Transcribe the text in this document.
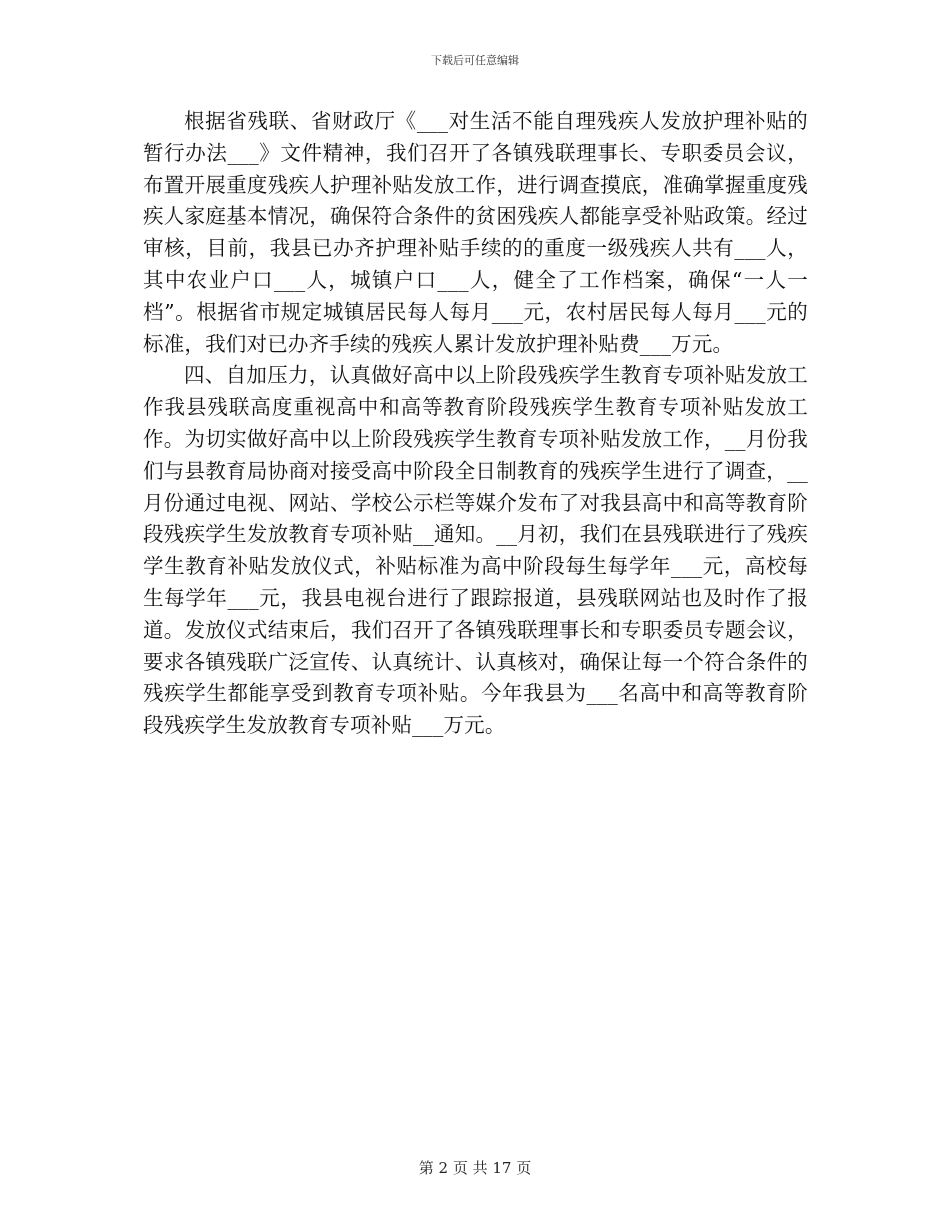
下载后可任意编辑

根据省残联、省财政厅《___对生活不能自理残疾人发放护理补贴的暂行办法___》文件精神，我们召开了各镇残联理事长、专职委员会议，布置开展重度残疾人护理补贴发放工作，进行调查摸底，准确掌握重度残疾人家庭基本情况，确保符合条件的贫困残疾人都能享受补贴政策。经过审核，目前，我县已办齐护理补贴手续的的重度一级残疾人共有___人，其中农业户口___人，城镇户口___人，健全了工作档案，确保“一人一档”。根据省市规定城镇居民每人每月___元，农村居民每人每月___元的标准，我们对已办齐手续的残疾人累计发放护理补贴费___万元。

四、自加压力，认真做好高中以上阶段残疾学生教育专项补贴发放工作我县残联高度重视高中和高等教育阶段残疾学生教育专项补贴发放工作。为切实做好高中以上阶段残疾学生教育专项补贴发放工作，__月份我们与县教育局协商对接受高中阶段全日制教育的残疾学生进行了调查，__月份通过电视、网站、学校公示栏等媒介发布了对我县高中和高等教育阶段残疾学生发放教育专项补贴__通知。__月初，我们在县残联进行了残疾学生教育补贴发放仪式，补贴标准为高中阶段每生每学年___元，高校每生每学年___元，我县电视台进行了跟踪报道，县残联网站也及时作了报道。发放仪式结束后，我们召开了各镇残联理事长和专职委员专题会议，要求各镇残联广泛宣传、认真统计、认真核对，确保让每一个符合条件的残疾学生都能享受到教育专项补贴。今年我县为___名高中和高等教育阶段残疾学生发放教育专项补贴___万元。

第 2 页 共 17 页
